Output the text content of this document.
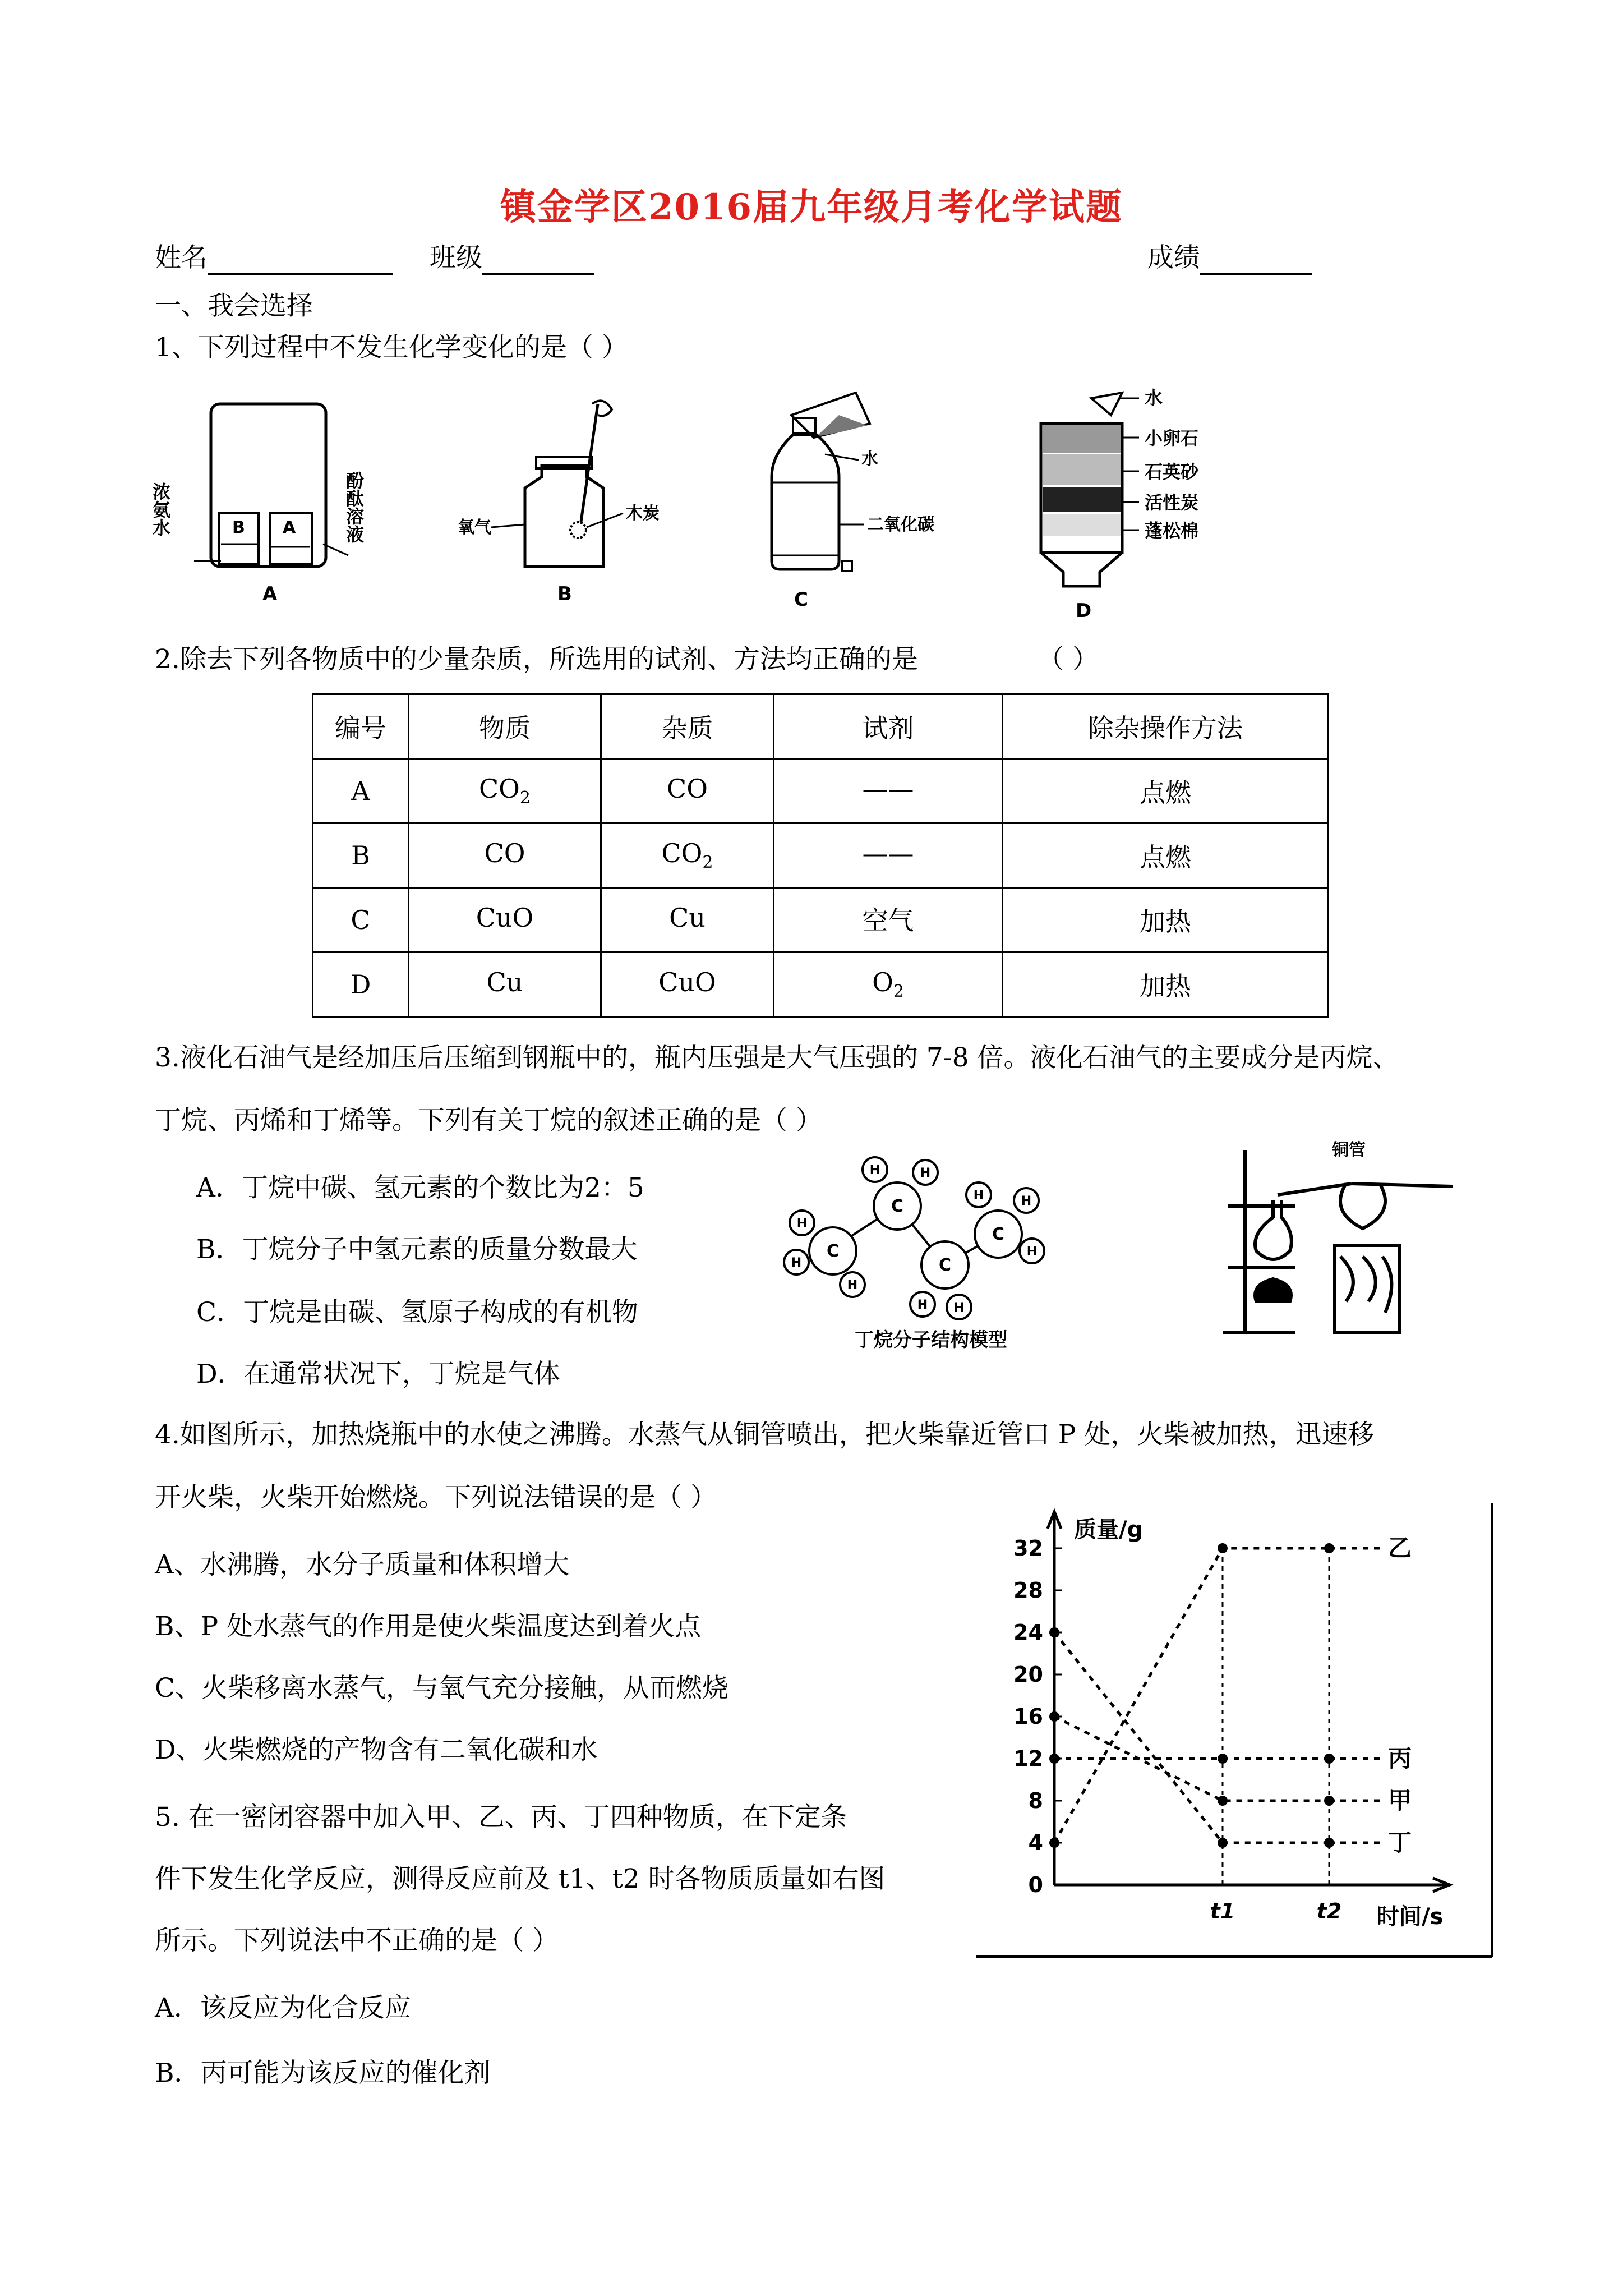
镇金学区2016届九年级月考化学试题
姓名	班级	成绩
一、我会选择
1、下列过程中不发生化学变化的是（ ）
B A
A
浓氨水	酚酞溶液	氧气
木炭
B
水
二氧化碳
C
水
小卵石
石英砂
活性炭
蓬松棉
D
2.除去下列各物质中的少量杂质，所选用的试剂、方法均正确的是	（ ）
编号	物质	杂质	试剂	除杂操作方法
A	$CO_2$	CO	——	点燃
B	CO	$CO_2$	——	点燃
C	CuO	Cu	空气	加热
D	Cu	CuO	$O_2$	加热
3.液化石油气是经加压后压缩到钢瓶中的，瓶内压强是大气压强的 7-8 倍。液化石油气的主要成分是丙烷、
丁烷、丙烯和丁烯等。下列有关丁烷的叙述正确的是（ ）
A．丁烷中碳、氢元素的个数比为2：5
B．丁烷分子中氢元素的质量分数最大
C．丁烷是由碳、氢原子构成的有机物
D．在通常状况下，丁烷是气体
C
C
C
C
H
H
H
H	H
H H
H	H
H
丁烷分子结构模型
铜管
4.如图所示，加热烧瓶中的水使之沸腾。水蒸气从铜管喷出，把火柴靠近管口 P 处，火柴被加热，迅速移
开火柴，火柴开始燃烧。下列说法错误的是（ ）
A、水沸腾，水分子质量和体积增大
B、P 处水蒸气的作用是使火柴温度达到着火点
C、火柴移离水蒸气，与氧气充分接触，从而燃烧
D、火柴燃烧的产物含有二氧化碳和水
5. 在一密闭容器中加入甲、乙、丙、丁四种物质，在下定条
件下发生化学反应，测得反应前及 t1、t2 时各物质质量如右图
所示。下列说法中不正确的是（ ）
A．该反应为化合反应
B．丙可能为该反应的催化剂
质量/g
时间/s
0
4
8
12
16
20
24
28
32
t1	t2
乙
丙
甲
丁
